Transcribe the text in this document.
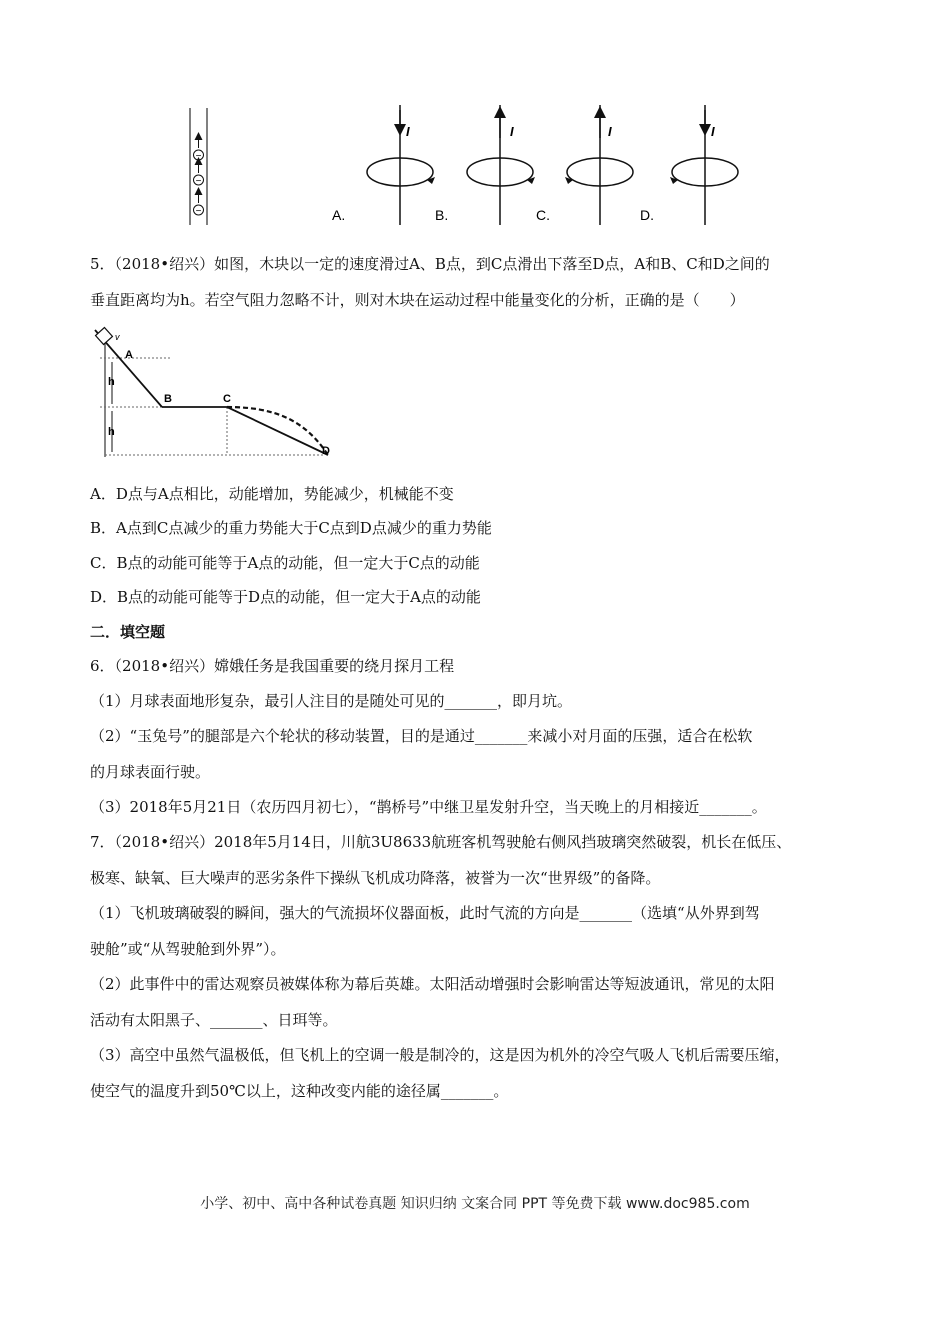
−
−
−
I
A.
I
B.
I
C.
I
D.
5．（2018•绍兴）如图，木块以一定的速度滑过A、B点，到C点滑出下落至D点，A和B、C和D之间的
垂直距离均为h。若空气阻力忽略不计，则对木块在运动过程中能量变化的分析，正确的是（　　）
v
A
B	C
D
h
h
A．D点与A点相比，动能增加，势能减少，机械能不变
B．A点到C点减少的重力势能大于C点到D点减少的重力势能
C．B点的动能可能等于A点的动能，但一定大于C点的动能
D．B点的动能可能等于D点的动能，但一定大于A点的动能
二．填空题
6．（2018•绍兴）嫦娥任务是我国重要的绕月探月工程
（1）月球表面地形复杂，最引人注目的是随处可见的_______，即月坑。
（2）“玉兔号”的腿部是六个轮状的移动装置，目的是通过_______来减小对月面的压强，适合在松软
的月球表面行驶。
（3）2018年5月21日（农历四月初七），“鹊桥号”中继卫星发射升空，当天晚上的月相接近_______。
7．（2018•绍兴）2018年5月14日，川航3U8633航班客机驾驶舱右侧风挡玻璃突然破裂，机长在低压、
极寒、缺氧、巨大噪声的恶劣条件下操纵飞机成功降落，被誉为一次“世界级”的备降。
（1）飞机玻璃破裂的瞬间，强大的气流损坏仪器面板，此时气流的方向是_______（选填“从外界到驾
驶舱”或“从驾驶舱到外界”）。
（2）此事件中的雷达观察员被媒体称为幕后英雄。太阳活动增强时会影响雷达等短波通讯，常见的太阳
活动有太阳黑子、_______、日珥等。
（3）高空中虽然气温极低，但飞机上的空调一般是制冷的，这是因为机外的冷空气吸人飞机后需要压缩，
使空气的温度升到50℃以上，这种改变内能的途径属_______。
小学、初中、高中各种试卷真题 知识归纳 文案合同 PPT 等免费下载 www.doc985.com
